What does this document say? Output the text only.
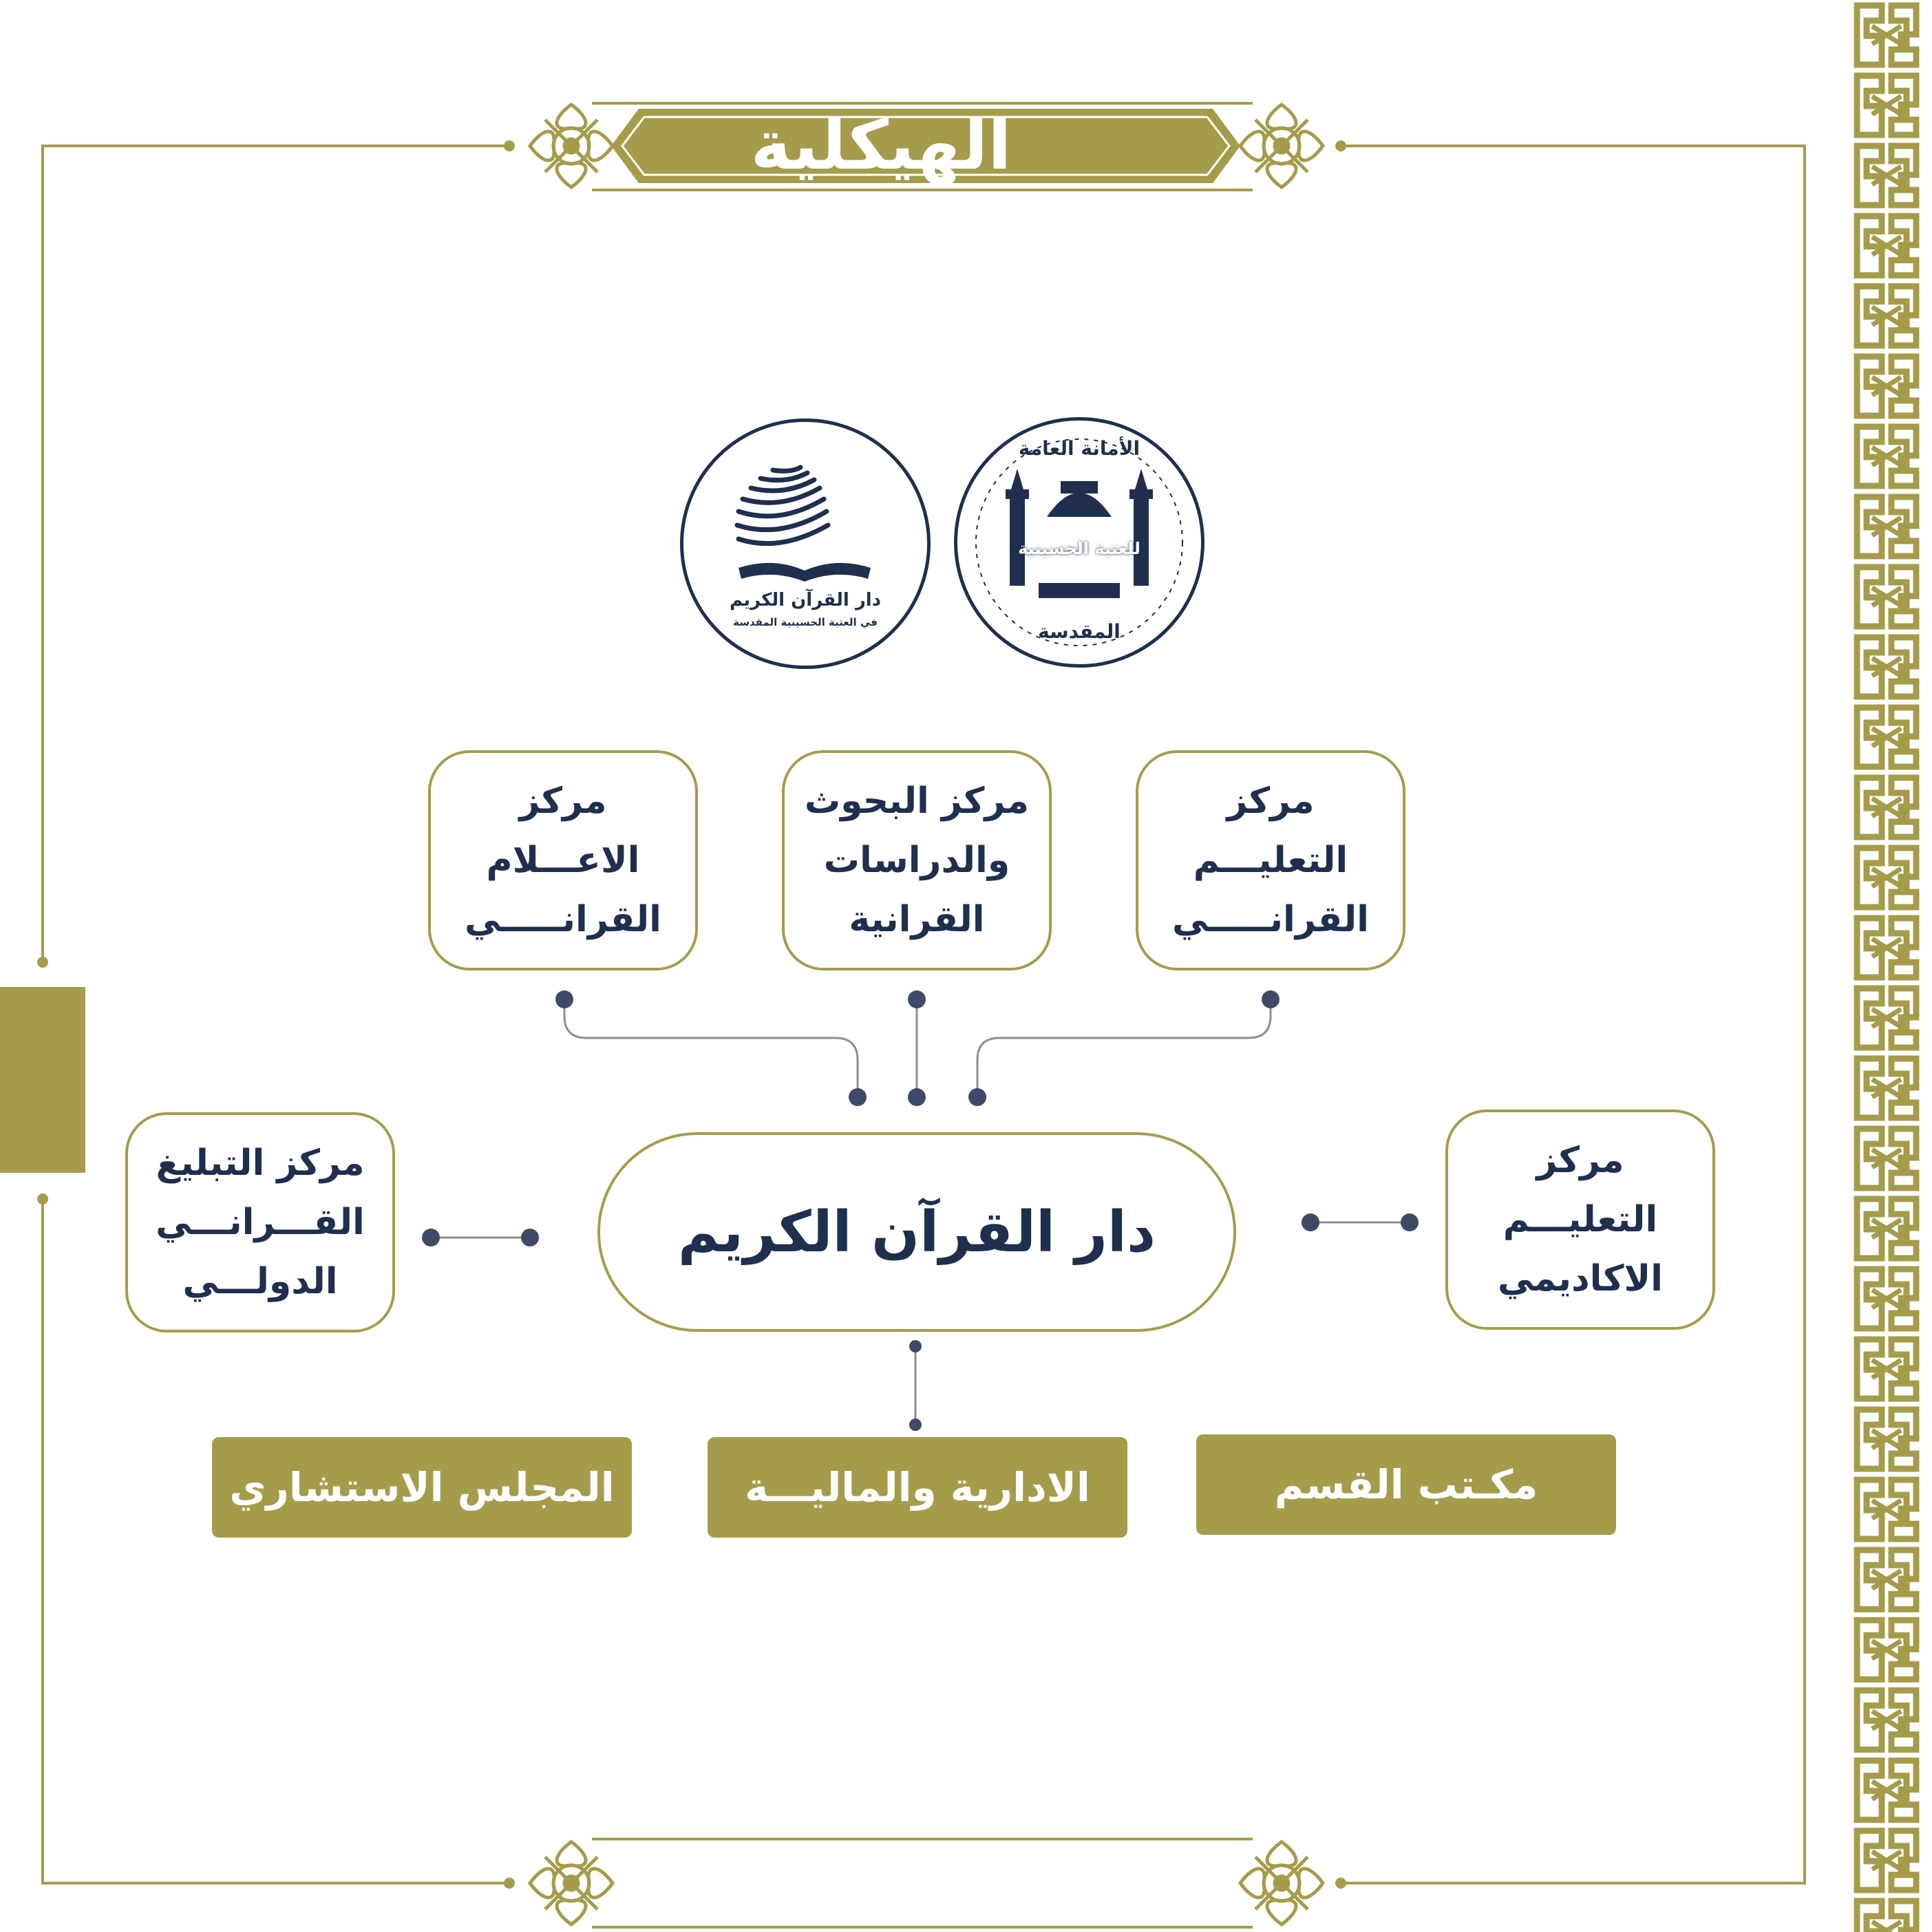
الهيكلية
دار القرآن الكريم
في العتبة الحسينية المقدسة
الأمانة العامة
للعتبة الحسينية
المقدسة
مركز
الاعـــلام
القرانـــــي
مركز البحوث
والدراسات
القرانية
مركز
التعليـــم
القرانـــــي
دار القرآن الكريم
مركز التبليغ
القـــرانـــي
الدولـــي
مركز
التعليـــم
الاكاديمي
المجلس الاستشاري	الادارية والماليـــة	مكـتب القسم
